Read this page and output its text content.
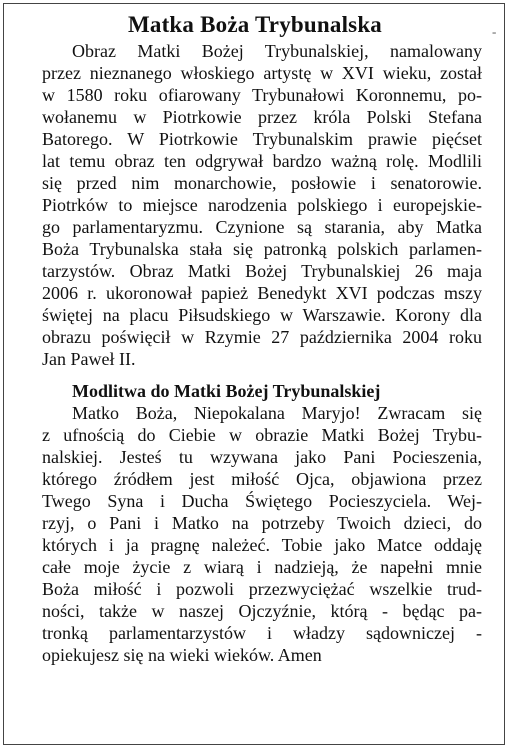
-
Matka Boża Trybunalska
Obraz Matki Bożej Trybunalskiej, namalowany
przez nieznanego włoskiego artystę w XVI wieku, został
w 1580 roku ofiarowany Trybunałowi Koronnemu, po-
wołanemu w Piotrkowie przez króla Polski Stefana
Batorego. W Piotrkowie Trybunalskim prawie pięćset
lat temu obraz ten odgrywał bardzo ważną rolę. Modlili
się przed nim monarchowie, posłowie i senatorowie.
Piotrków to miejsce narodzenia polskiego i europejskie-
go parlamentaryzmu. Czynione są starania, aby Matka
Boża Trybunalska stała się patronką polskich parlamen-
tarzystów. Obraz Matki Bożej Trybunalskiej 26 maja
2006 r. ukoronował papież Benedykt XVI podczas mszy
świętej na placu Piłsudskiego w Warszawie. Korony dla
obrazu poświęcił w Rzymie 27 października 2004 roku
Jan Paweł II.
Modlitwa do Matki Bożej Trybunalskiej
Matko Boża, Niepokalana Maryjo! Zwracam się
z ufnością do Ciebie w obrazie Matki Bożej Trybu-
nalskiej. Jesteś tu wzywana jako Pani Pocieszenia,
którego źródłem jest miłość Ojca, objawiona przez
Twego Syna i Ducha Świętego Pocieszyciela. Wej-
rzyj, o Pani i Matko na potrzeby Twoich dzieci, do
których i ja pragnę należeć. Tobie jako Matce oddaję
całe moje życie z wiarą i nadzieją, że napełni mnie
Boża miłość i pozwoli przezwyciężać wszelkie trud-
ności, także w naszej Ojczyźnie, którą - będąc pa-
tronką parlamentarzystów i władzy sądowniczej -
opiekujesz się na wieki wieków. Amen
